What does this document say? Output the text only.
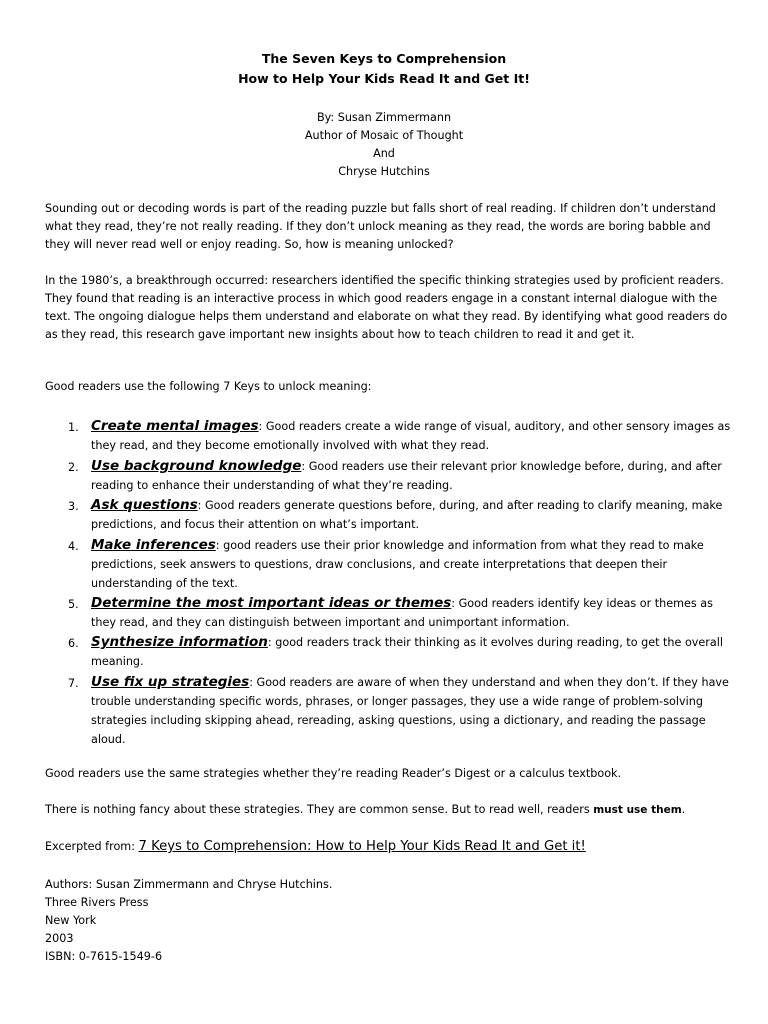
The Seven Keys to Comprehension
How to Help Your Kids Read It and Get It!
By: Susan Zimmermann
Author of Mosaic of Thought
And
Chryse Hutchins
Sounding out or decoding words is part of the reading puzzle but falls short of real reading. If children don’t understand what they read, they’re not really reading. If they don’t unlock meaning as they read, the words are boring babble and they will never read well or enjoy reading. So, how is meaning unlocked?
In the 1980’s, a breakthrough occurred: researchers identified the specific thinking strategies used by proficient readers. They found that reading is an interactive process in which good readers engage in a constant internal dialogue with the text. The ongoing dialogue helps them understand and elaborate on what they read. By identifying what good readers do as they read, this research gave important new insights about how to teach children to read it and get it.
Good readers use the following 7 Keys to unlock meaning:
1. Create mental images: Good readers create a wide range of visual, auditory, and other sensory images as they read, and they become emotionally involved with what they read.
2. Use background knowledge: Good readers use their relevant prior knowledge before, during, and after reading to enhance their understanding of what they’re reading.
3. Ask questions: Good readers generate questions before, during, and after reading to clarify meaning, make predictions, and focus their attention on what’s important.
4. Make inferences: good readers use their prior knowledge and information from what they read to make predictions, seek answers to questions, draw conclusions, and create interpretations that deepen their understanding of the text.
5. Determine the most important ideas or themes: Good readers identify key ideas or themes as they read, and they can distinguish between important and unimportant information.
6. Synthesize information: good readers track their thinking as it evolves during reading, to get the overall meaning.
7. Use fix up strategies: Good readers are aware of when they understand and when they don’t. If they have trouble understanding specific words, phrases, or longer passages, they use a wide range of problem-solving strategies including skipping ahead, rereading, asking questions, using a dictionary, and reading the passage aloud.
Good readers use the same strategies whether they’re reading Reader’s Digest or a calculus textbook.
There is nothing fancy about these strategies. They are common sense. But to read well, readers must use them.
Excerpted from: 7 Keys to Comprehension: How to Help Your Kids Read It and Get it!
Authors: Susan Zimmermann and Chryse Hutchins.
Three Rivers Press
New York
2003
ISBN: 0-7615-1549-6
